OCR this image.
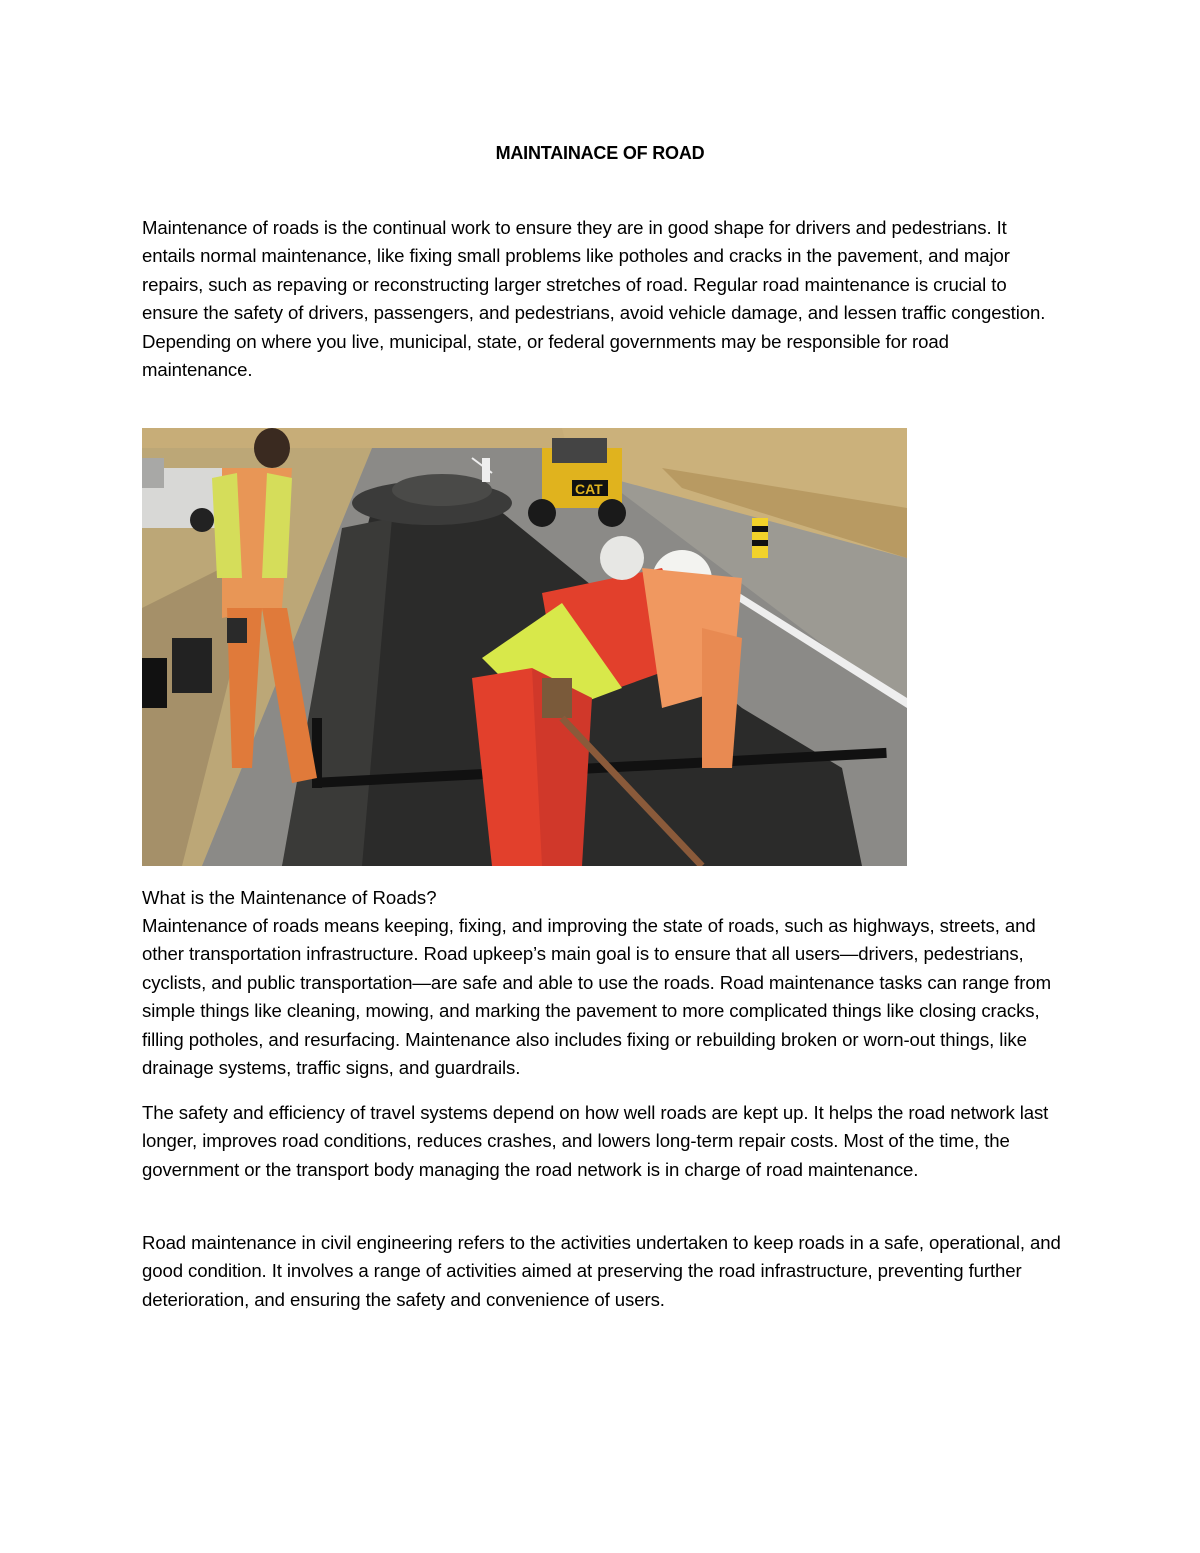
MAINTAINACE OF ROAD

Maintenance of roads is the continual work to ensure they are in good shape for drivers and pedestrians. It entails normal maintenance, like fixing small problems like potholes and cracks in the pavement, and major repairs, such as repaving or reconstructing larger stretches of road. Regular road maintenance is crucial to ensure the safety of drivers, passengers, and pedestrians, avoid vehicle damage, and lessen traffic congestion. Depending on where you live, municipal, state, or federal governments may be responsible for road maintenance.

CAT
What is the Maintenance of Roads?

Maintenance of roads means keeping, fixing, and improving the state of roads, such as highways, streets, and other transportation infrastructure. Road upkeep’s main goal is to ensure that all users—drivers, pedestrians, cyclists, and public transportation—are safe and able to use the roads. Road maintenance tasks can range from simple things like cleaning, mowing, and marking the pavement to more complicated things like closing cracks, filling potholes, and resurfacing. Maintenance also includes fixing or rebuilding broken or worn-out things, like drainage systems, traffic signs, and guardrails.

The safety and efficiency of travel systems depend on how well roads are kept up. It helps the road network last longer, improves road conditions, reduces crashes, and lowers long-term repair costs. Most of the time, the government or the transport body managing the road network is in charge of road maintenance.

Road maintenance in civil engineering refers to the activities undertaken to keep roads in a safe, operational, and good condition. It involves a range of activities aimed at preserving the road infrastructure, preventing further deterioration, and ensuring the safety and convenience of users.
